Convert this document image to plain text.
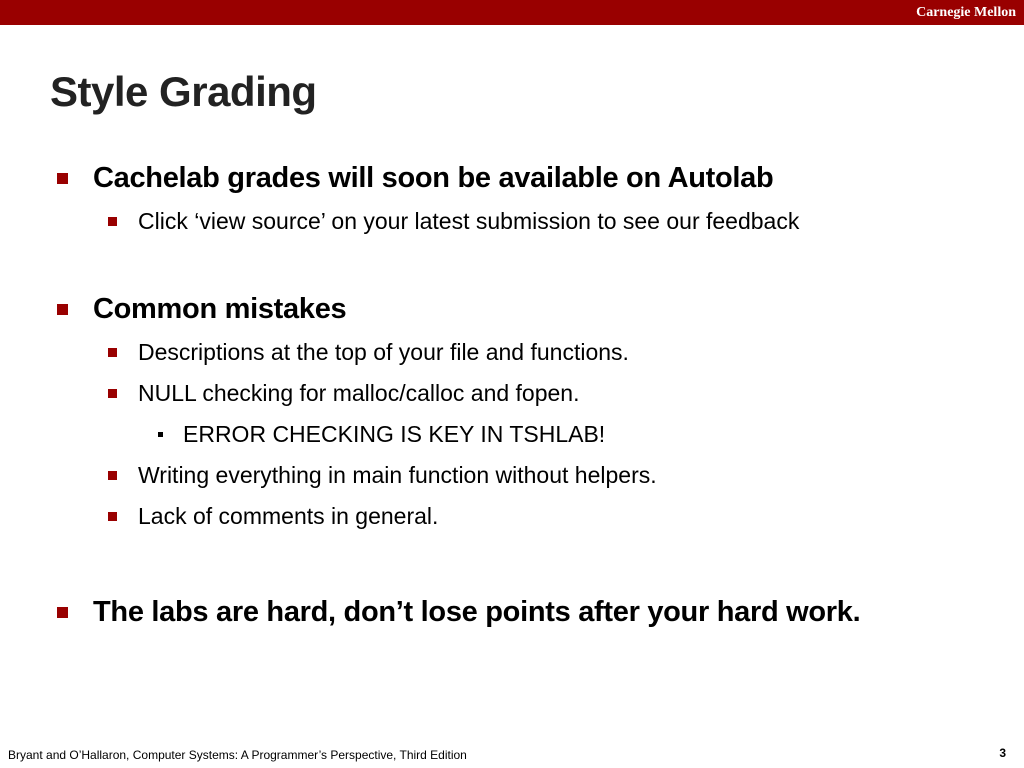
Carnegie Mellon
Style Grading
Cachelab grades will soon be available on Autolab
Click ‘view source’ on your latest submission to see our feedback
Common mistakes
Descriptions at the top of your file and functions.
NULL checking for malloc/calloc and fopen.
ERROR CHECKING IS KEY IN TSHLAB!
Writing everything in main function without helpers.
Lack of comments in general.
The labs are hard, don’t lose points after your hard work.
Bryant and O’Hallaron, Computer Systems: A Programmer’s Perspective, Third Edition	3
